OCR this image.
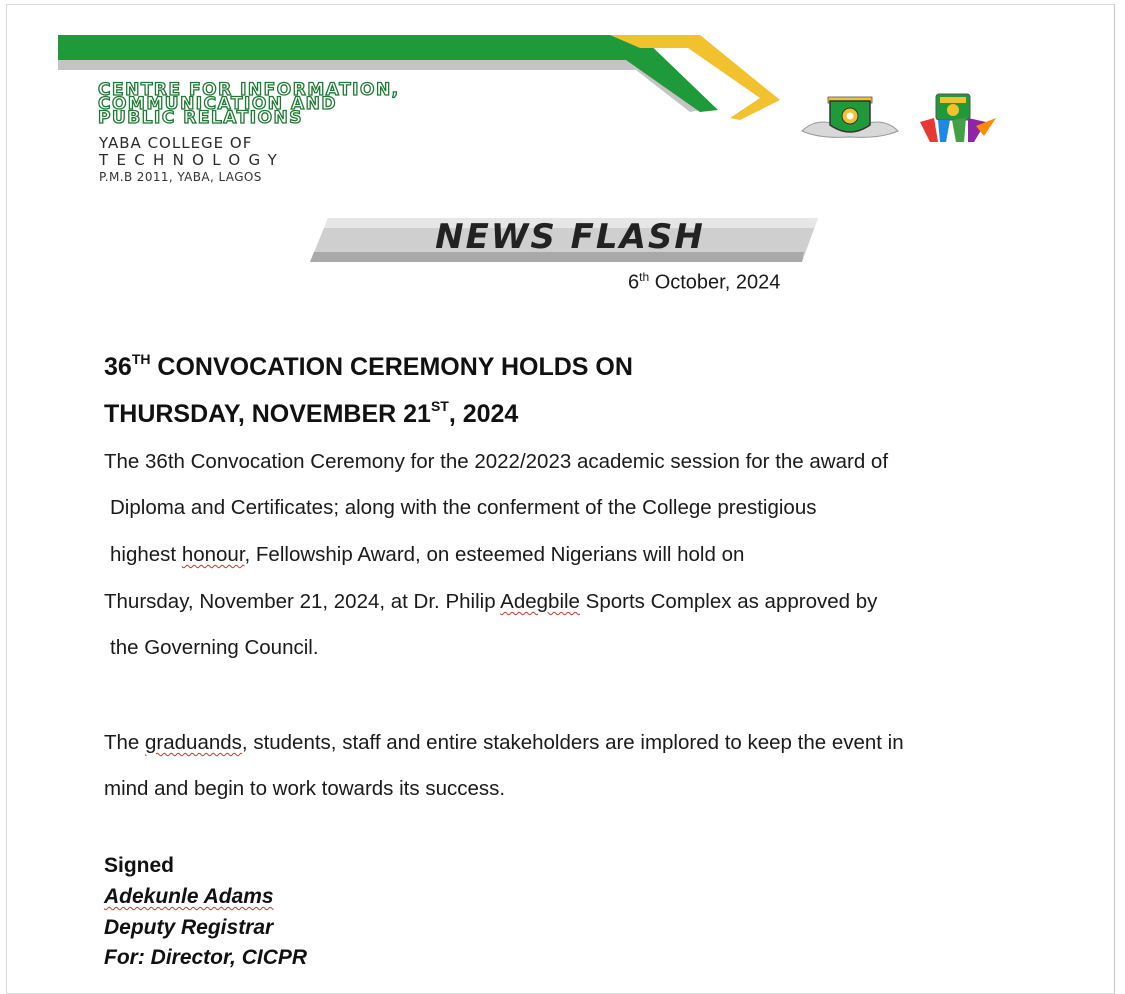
CENTRE FOR INFORMATION,
COMMUNICATION AND
PUBLIC RELATIONS
YABA COLLEGE OF
TECHNOLOGY
P.M.B 2011, YABA, LAGOS
NEWS FLASH
6th October, 2024
36TH CONVOCATION CEREMONY HOLDS ON
THURSDAY, NOVEMBER 21ST, 2024
The 36th Convocation Ceremony for the 2022/2023 academic session for the award of
Diploma and Certificates; along with the conferment of the College prestigious
highest honour, Fellowship Award, on esteemed Nigerians will hold on
Thursday, November 21, 2024, at Dr. Philip Adegbile Sports Complex as approved by
the Governing Council.
The graduands, students, staff and entire stakeholders are implored to keep the event in
mind and begin to work towards its success.
Signed
Adekunle Adams
Deputy Registrar
For: Director, CICPR
